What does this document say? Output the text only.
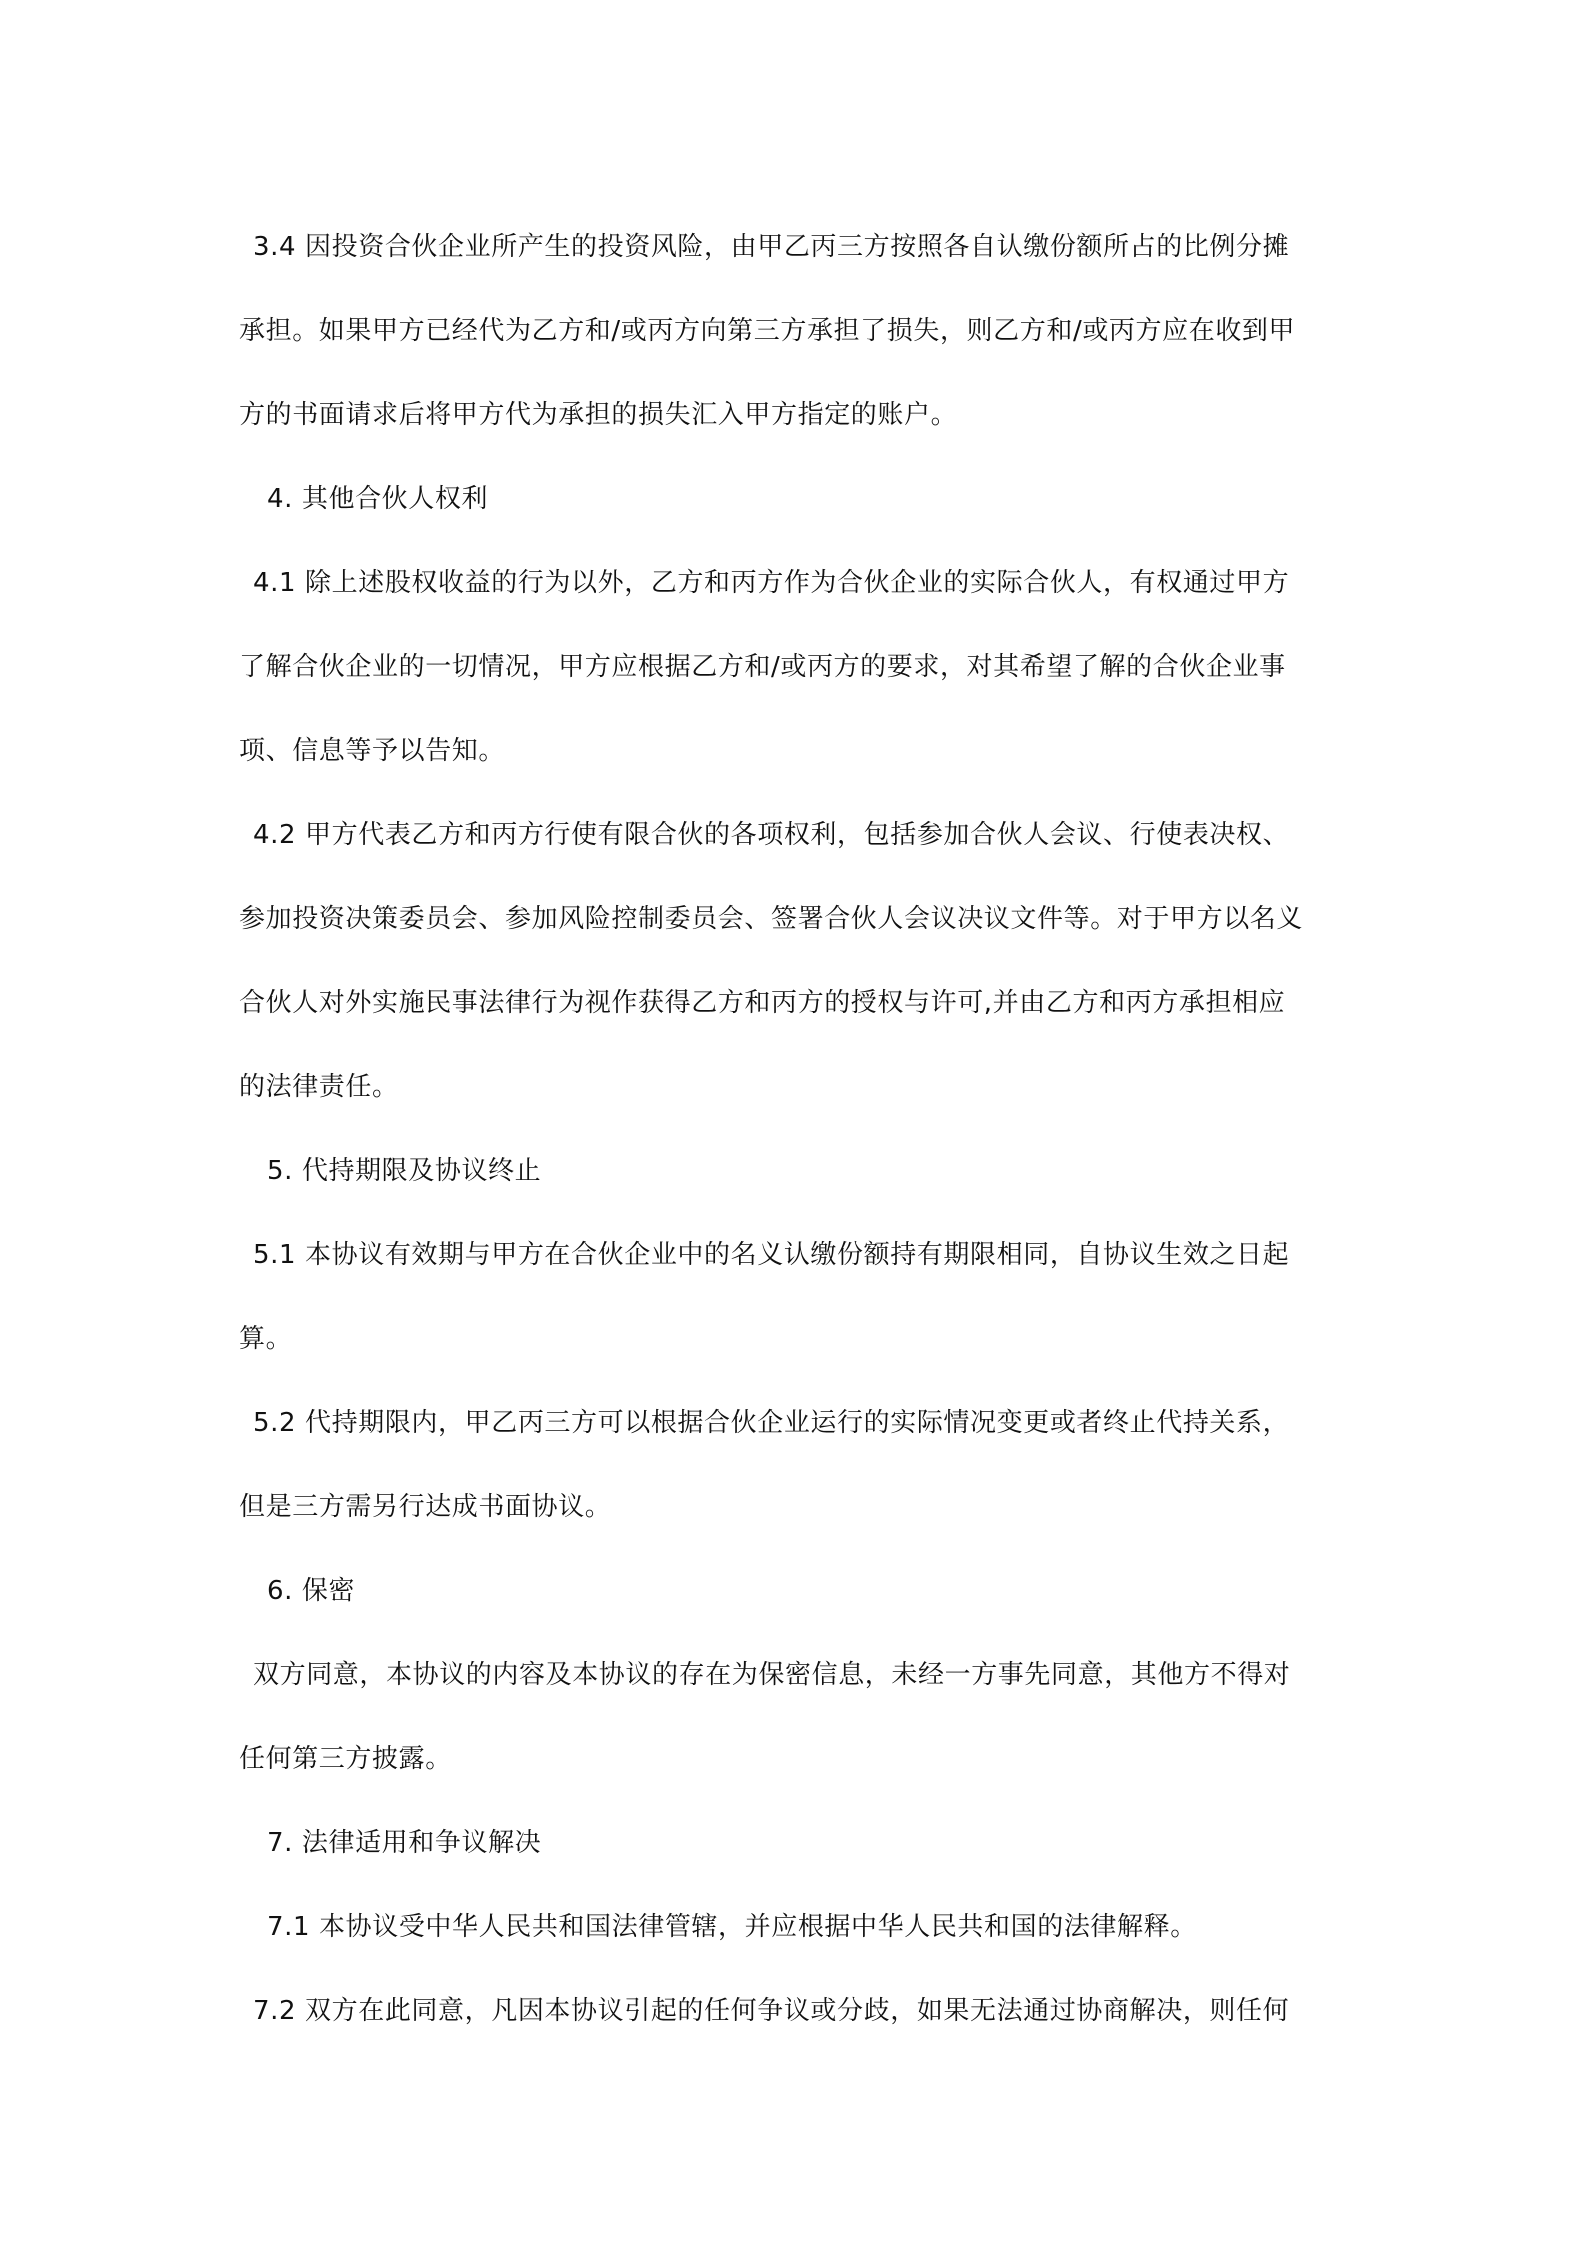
3.4 因投资合伙企业所产生的投资风险，由甲乙丙三方按照各自认缴份额所占的比例分摊

承担。如果甲方已经代为乙方和/或丙方向第三方承担了损失，则乙方和/或丙方应在收到甲

方的书面请求后将甲方代为承担的损失汇入甲方指定的账户。

4. 其他合伙人权利

4.1 除上述股权收益的行为以外，乙方和丙方作为合伙企业的实际合伙人，有权通过甲方

了解合伙企业的一切情况，甲方应根据乙方和/或丙方的要求，对其希望了解的合伙企业事

项、信息等予以告知。

4.2 甲方代表乙方和丙方行使有限合伙的各项权利，包括参加合伙人会议、行使表决权、

参加投资决策委员会、参加风险控制委员会、签署合伙人会议决议文件等。对于甲方以名义

合伙人对外实施民事法律行为视作获得乙方和丙方的授权与许可,并由乙方和丙方承担相应

的法律责任。

5. 代持期限及协议终止

5.1 本协议有效期与甲方在合伙企业中的名义认缴份额持有期限相同，自协议生效之日起

算。

5.2 代持期限内，甲乙丙三方可以根据合伙企业运行的实际情况变更或者终止代持关系，

但是三方需另行达成书面协议。

6. 保密

双方同意，本协议的内容及本协议的存在为保密信息，未经一方事先同意，其他方不得对

任何第三方披露。

7. 法律适用和争议解决

7.1 本协议受中华人民共和国法律管辖，并应根据中华人民共和国的法律解释。

7.2 双方在此同意，凡因本协议引起的任何争议或分歧，如果无法通过协商解决，则任何
